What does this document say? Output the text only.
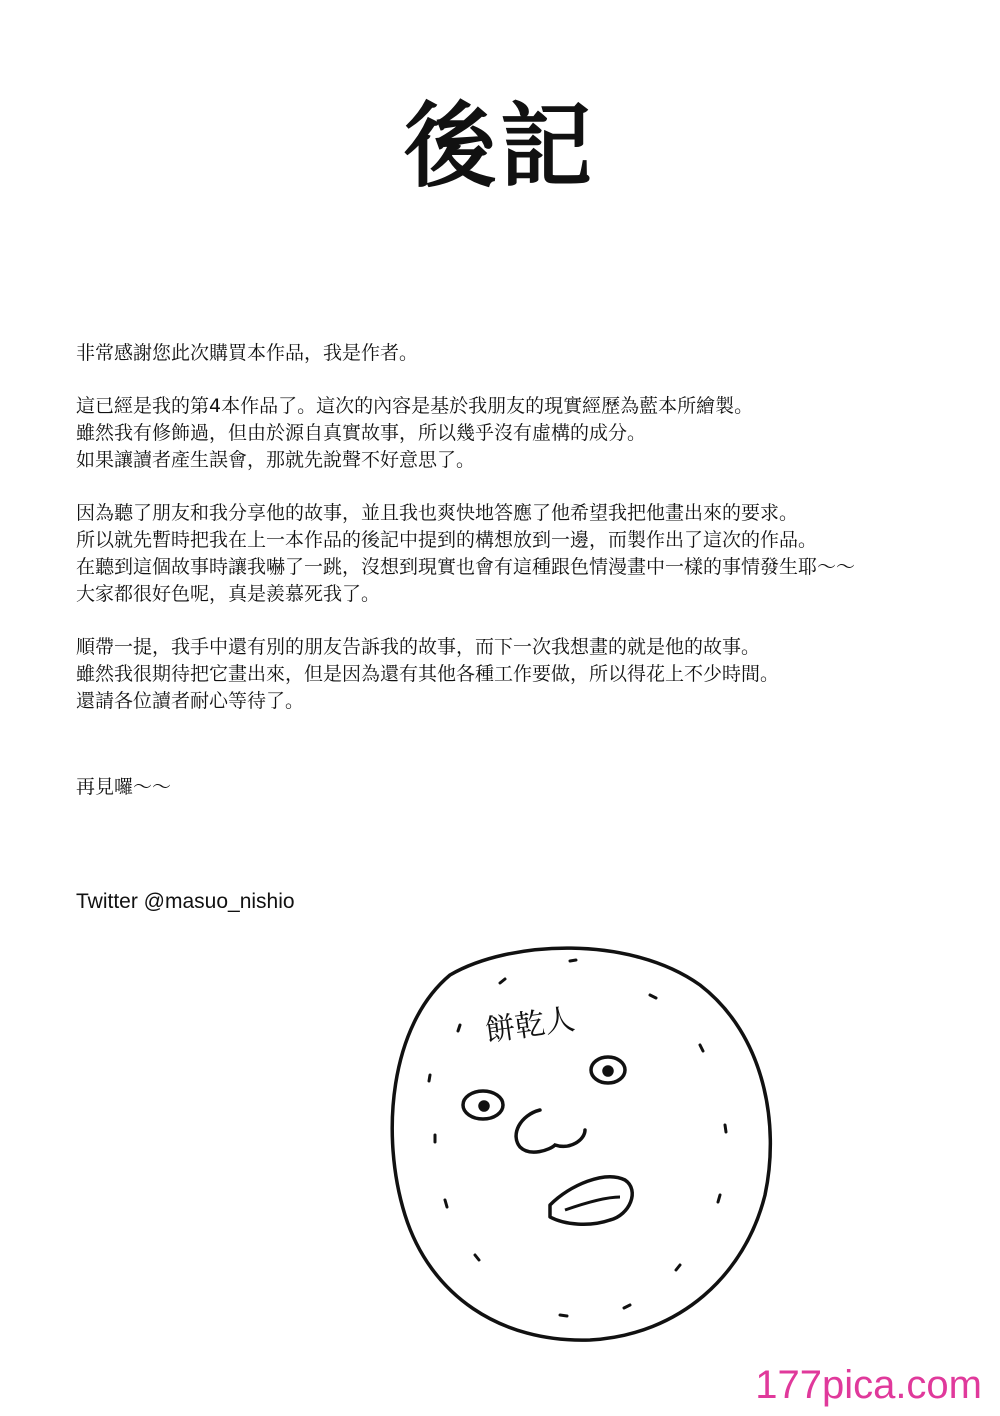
後記
非常感謝您此次購買本作品，我是作者。
這已經是我的第4本作品了。這次的內容是基於我朋友的現實經歷為藍本所繪製。
雖然我有修飾過，但由於源自真實故事，所以幾乎沒有虛構的成分。
如果讓讀者產生誤會，那就先說聲不好意思了。
因為聽了朋友和我分享他的故事，並且我也爽快地答應了他希望我把他畫出來的要求。
所以就先暫時把我在上一本作品的後記中提到的構想放到一邊，而製作出了這次的作品。
在聽到這個故事時讓我嚇了一跳，沒想到現實也會有這種跟色情漫畫中一樣的事情發生耶～～
大家都很好色呢，真是羨慕死我了。
順帶一提，我手中還有別的朋友告訴我的故事，而下一次我想畫的就是他的故事。
雖然我很期待把它畫出來，但是因為還有其他各種工作要做，所以得花上不少時間。
還請各位讀者耐心等待了。
再見囉～～
Twitter @masuo_nishio
餅乾人
177pica.com
